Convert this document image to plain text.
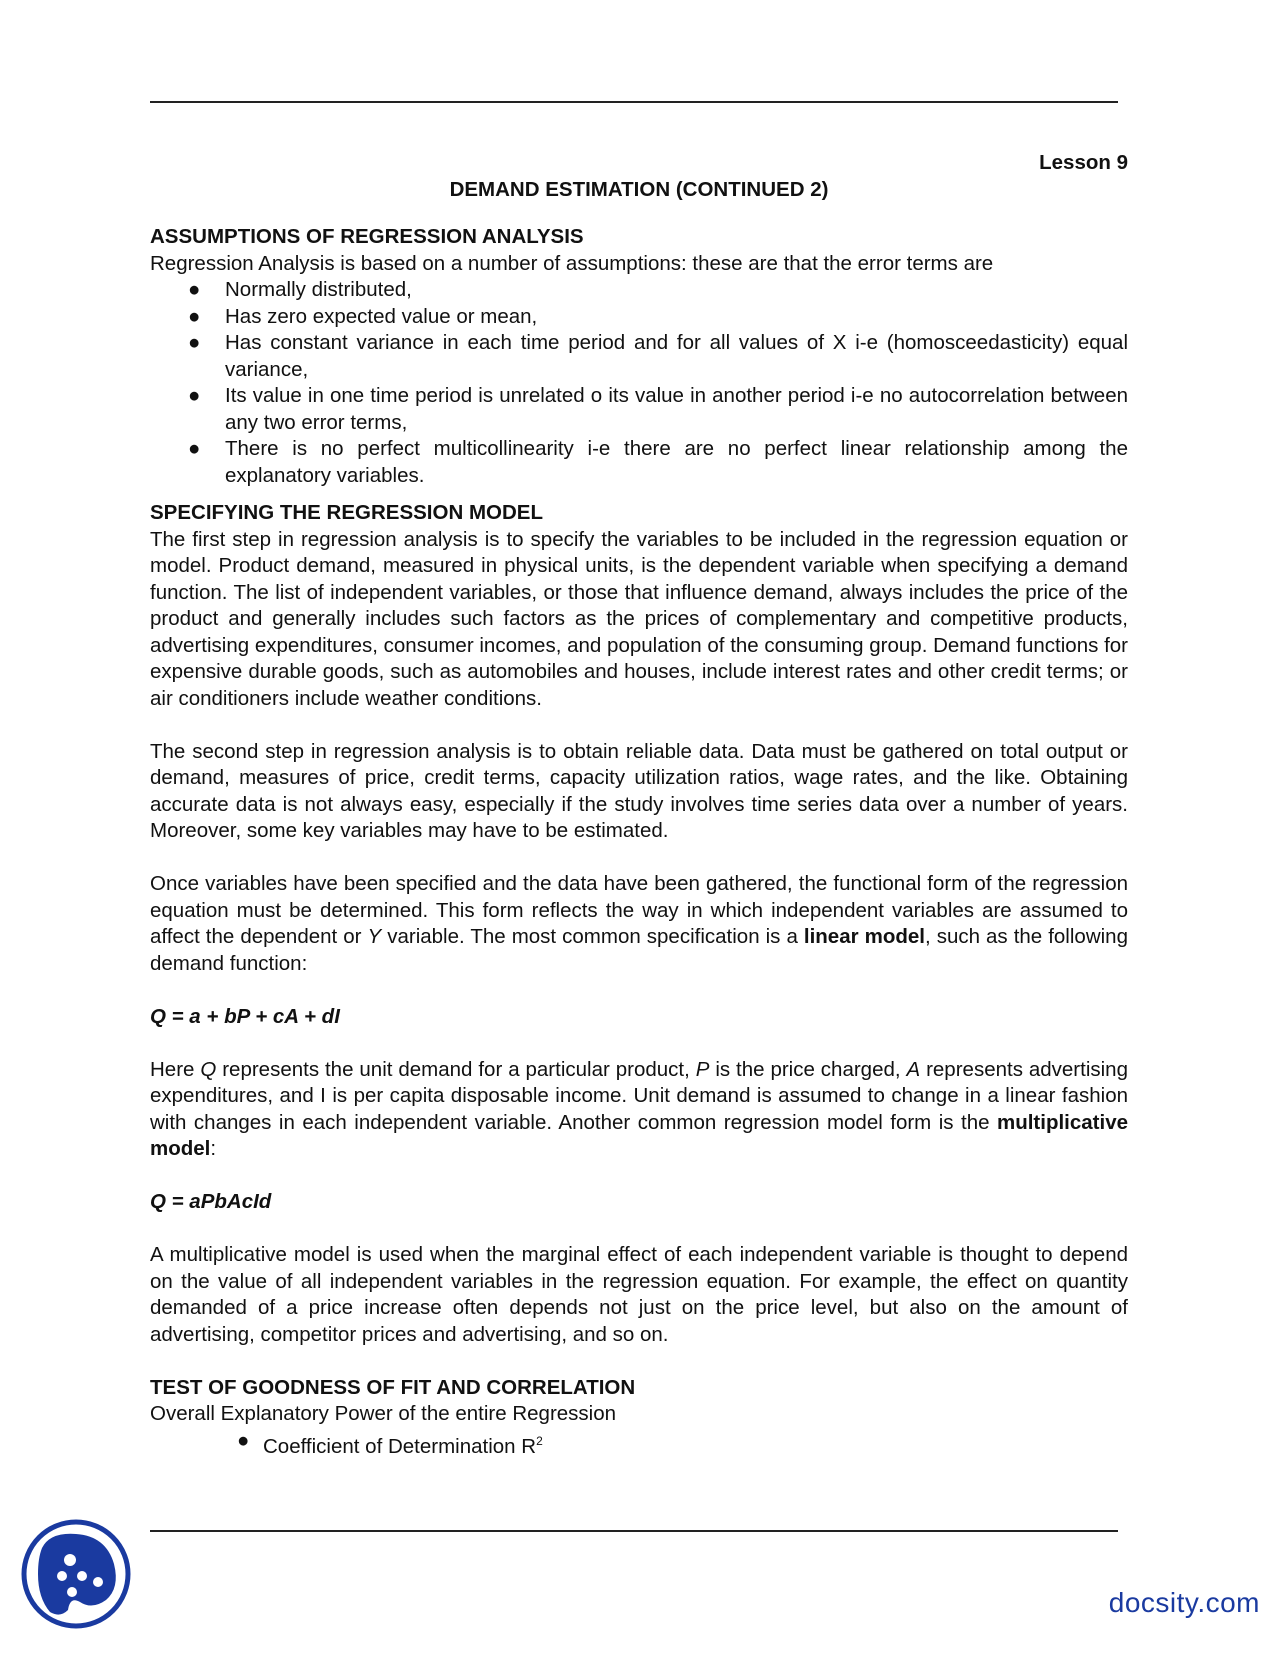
Lesson 9

DEMAND ESTIMATION (CONTINUED 2)

ASSUMPTIONS OF REGRESSION ANALYSIS

Regression Analysis is based on a number of assumptions: these are that the error terms are

● Normally distributed,
● Has zero expected value or mean,
● Has constant variance in each time period and for all values of X i-e (homosceedasticity) equal variance,
● Its value in one time period is unrelated o its value in another period i-e no autocorrelation between any two error terms,
● There is no perfect multicollinearity i-e there are no perfect linear relationship among the explanatory variables.
SPECIFYING THE REGRESSION MODEL

The first step in regression analysis is to specify the variables to be included in the regression equation or model. Product demand, measured in physical units, is the dependent variable when specifying a demand function. The list of independent variables, or those that influence demand, always includes the price of the product and generally includes such factors as the prices of complementary and competitive products, advertising expenditures, consumer incomes, and population of the consuming group. Demand functions for expensive durable goods, such as automobiles and houses, include interest rates and other credit terms; or air conditioners include weather conditions.

The second step in regression analysis is to obtain reliable data. Data must be gathered on total output or demand, measures of price, credit terms, capacity utilization ratios, wage rates, and the like. Obtaining accurate data is not always easy, especially if the study involves time series data over a number of years. Moreover, some key variables may have to be estimated.

Once variables have been specified and the data have been gathered, the functional form of the regression equation must be determined. This form reflects the way in which independent variables are assumed to affect the dependent or Y variable. The most common specification is a linear model, such as the following demand function:

Q = a + bP + cA + dI

Here Q represents the unit demand for a particular product, P is the price charged, A represents advertising expenditures, and I is per capita disposable income. Unit demand is assumed to change in a linear fashion with changes in each independent variable. Another common regression model form is the multiplicative model:

Q = aPbAcId

A multiplicative model is used when the marginal effect of each independent variable is thought to depend on the value of all independent variables in the regression equation. For example, the effect on quantity demanded of a price increase often depends not just on the price level, but also on the amount of advertising, competitor prices and advertising, and so on.

TEST OF GOODNESS OF FIT AND CORRELATION

Overall Explanatory Power of the entire Regression

● Coefficient of Determination $R^2$
docsity.com
